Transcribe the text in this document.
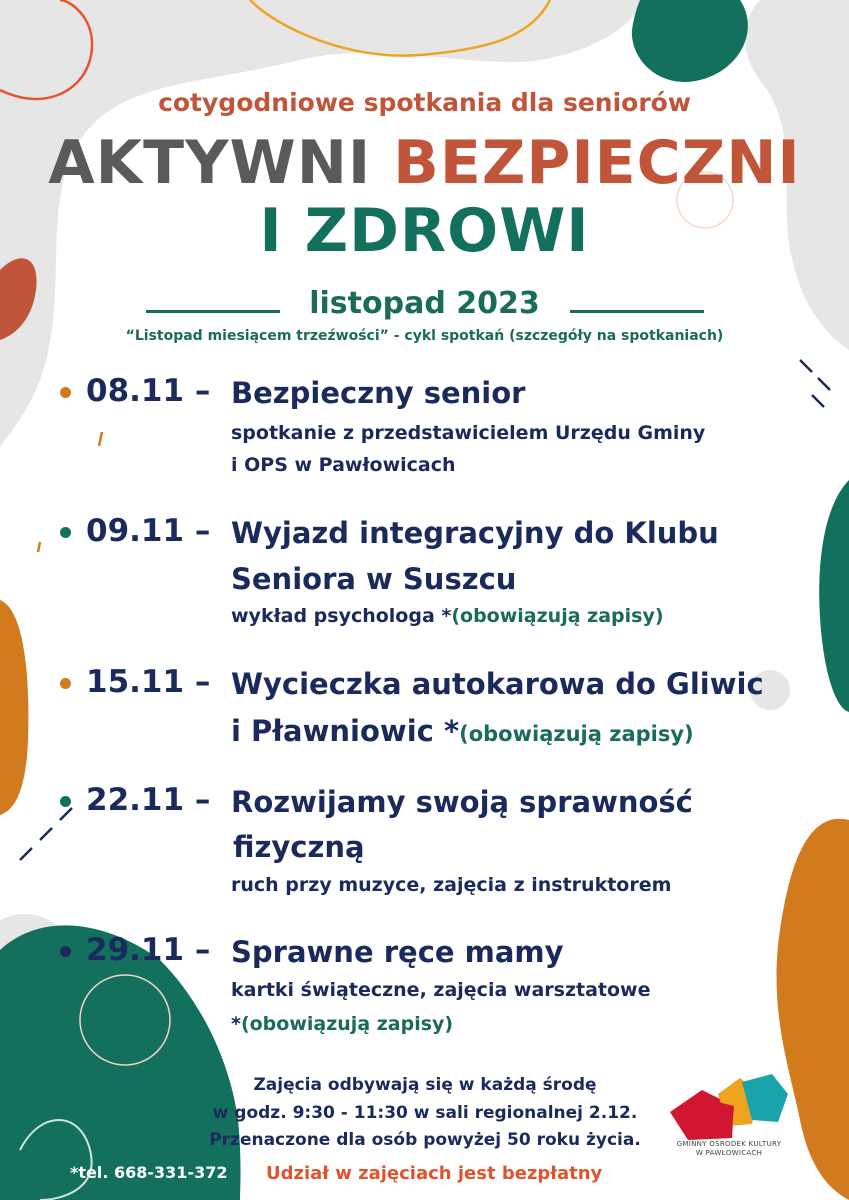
cotygodniowe spotkania dla seniorów
AKTYWNI BEZPIECZNI
I ZDROWI
listopad 2023
“Listopad miesiącem trzeźwości” - cykl spotkań (szczegóły na spotkaniach)
08.11 – Bezpieczny senior
spotkanie z przedstawicielem Urzędu Gminy
i OPS w Pawłowicach
09.11 – Wyjazd integracyjny do Klubu
Seniora w Suszcu
wykład psychologa *(obowiązują zapisy)
15.11 – Wycieczka autokarowa do Gliwic
i Pławniowic *(obowiązują zapisy)
22.11 – Rozwijamy swoją sprawność
fizyczną
ruch przy muzyce, zajęcia z instruktorem
29.11 – Sprawne ręce mamy
kartki świąteczne, zajęcia warsztatowe
*(obowiązują zapisy)
Zajęcia odbywają się w każdą środę
w godz. 9:30 - 11:30 w sali regionalnej 2.12.
Przenaczone dla osób powyżej 50 roku życia.
*tel. 668-331-372 Udział w zajęciach jest bezpłatny
GMINNY OŚRODEK KULTURY
W PAWŁOWICACH
